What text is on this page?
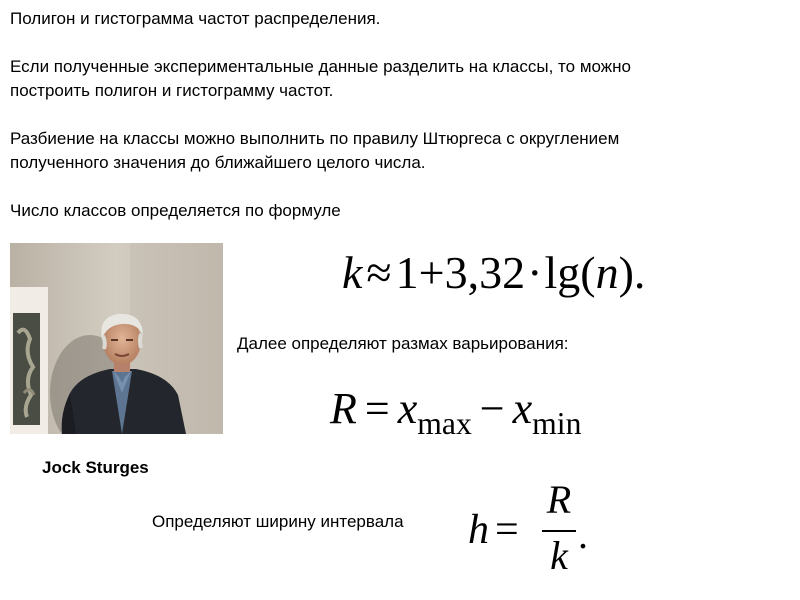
Полигон и гистограмма частот распределения.
Если полученные экспериментальные данные разделить на классы, то можно
построить полигон и гистограмму частот.
Разбиение на классы можно выполнить по правилу Штюргеса с округлением
полученного значения до ближайшего целого числа.
Число классов определяется по формуле
Jock Sturges
k≈1+3,32·lg(n).
Далее определяют размах варьирования:
$R = x_{max} - x_{min}$
Определяют ширину интервала h =
R
k .
